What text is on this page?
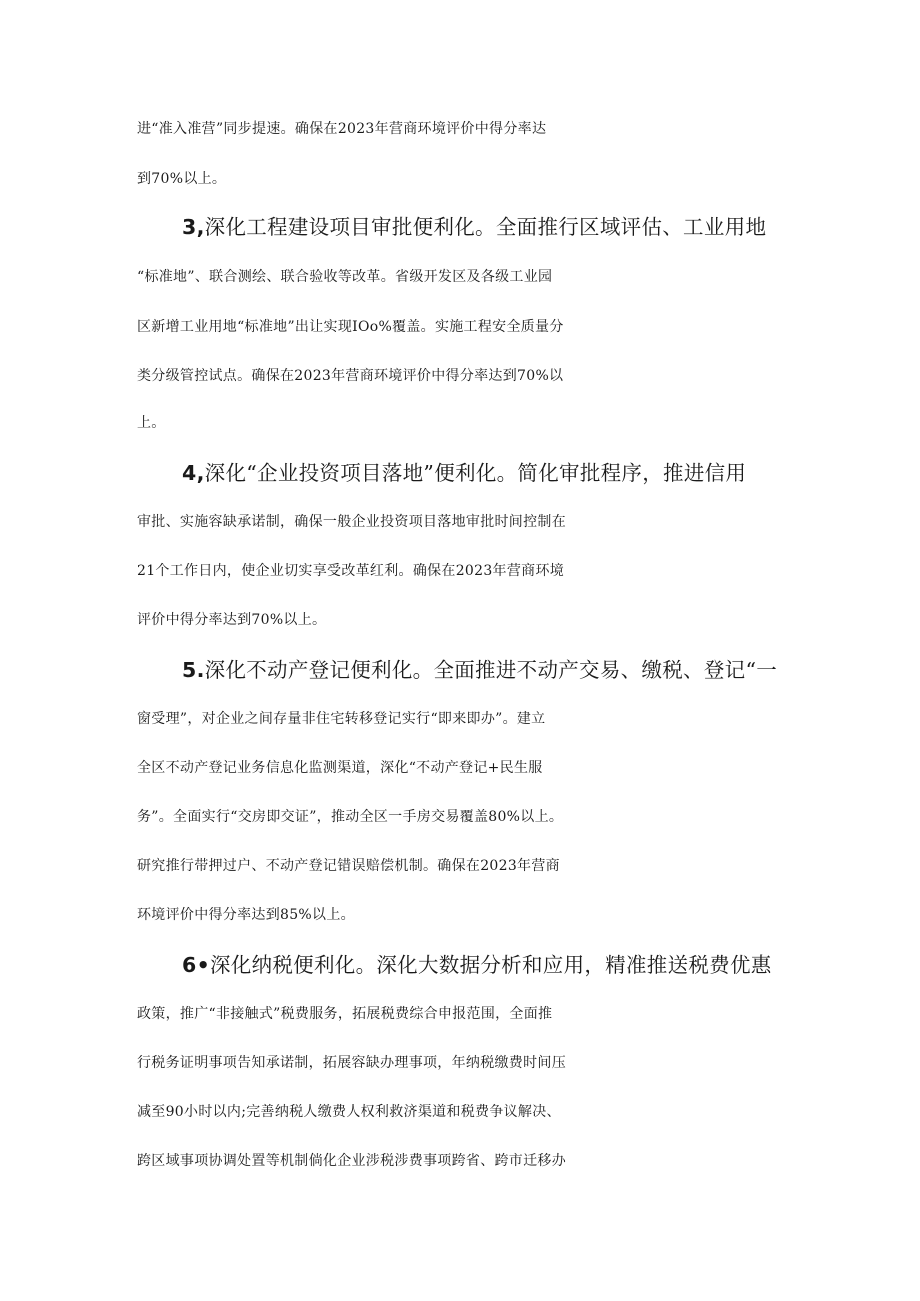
进“准入准营”同步提速。确保在2023年营商环境评价中得分率达
到70%以上。
3,深化工程建设项目审批便利化。全面推行区域评估、工业用地
“标准地”、联合测绘、联合验收等改革。省级开发区及各级工业园
区新增工业用地“标准地”出让实现IOo%覆盖。实施工程安全质量分
类分级管控试点。确保在2023年营商环境评价中得分率达到70%以
上。
4,深化“企业投资项目落地”便利化。简化审批程序，推进信用
审批、实施容缺承诺制，确保一般企业投资项目落地审批时间控制在
21个工作日内，使企业切实享受改革红利。确保在2023年营商环境
评价中得分率达到70%以上。
5.深化不动产登记便利化。全面推进不动产交易、缴税、登记“一
窗受理”，对企业之间存量非住宅转移登记实行“即来即办”。建立
全区不动产登记业务信息化监测渠道，深化“不动产登记+民生服
务”。全面实行“交房即交证”，推动全区一手房交易覆盖80%以上。
研究推行带押过户、不动产登记错误赔偿机制。确保在2023年营商
环境评价中得分率达到85%以上。
6•深化纳税便利化。深化大数据分析和应用，精准推送税费优惠
政策，推广“非接触式”税费服务，拓展税费综合申报范围，全面推
行税务证明事项告知承诺制，拓展容缺办理事项，年纳税缴费时间压
减至90小时以内;完善纳税人缴费人权利救济渠道和税费争议解决、
跨区域事项协调处置等机制倘化企业涉税涉费事项跨省、跨市迁移办
